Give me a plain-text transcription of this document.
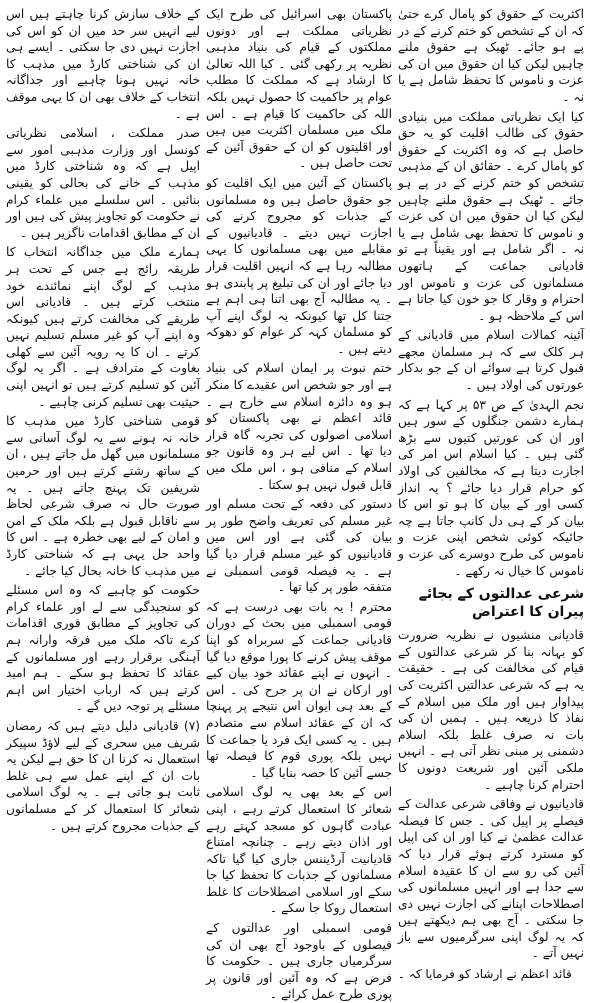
اکثریت کے حقوق کو پامال کرے حتیٰ کہ ان کے تشخص کو ختم کرنے کے در پے ہو جائے۔ ٹھیک ہے حقوق ملنے چاہیں لیکن کیا ان حقوق میں ان کی عزت و ناموس کا تحفظ شامل ہے یا نہ ۔

کیا ایک نظریاتی مملکت میں بنیادی حقوق کی طالب اقلیت کو یہ حق حاصل ہے کہ وہ اکثریت کے حقوق کو پامال کرے ۔ حقائق ان کے مذہبی تشخص کو ختم کرنے کے در پے ہو جائے ۔ ٹھیک ہے حقوق ملنے چاہیں لیکن کیا ان حقوق میں ان کی عزت و ناموس کا تحفظ بھی شامل ہے یا نہ ۔ اگر شامل ہے اور یقیناً ہے تو قادیانی جماعت کے ہاتھوں مسلمانوں کی عزت و ناموس اور احترام و وقار کا جو خون کیا جاتا ہے اس کے ملاحظہ ہو ۔

آئینہ کمالات اسلام میں قادیانی کے ہر کلک سے کہ ہر مسلمان مجھے قبول کرتا ہے سوائے ان کے جو بدکار عورتوں کی اولاد ہیں ۔

نجم الہدیٰ کے ص ۵۳ پر کہا ہے کہ ہمارے دشمن جنگلوں کے سور ہیں اور ان کی عورتیں کتیوں سے بڑھ گئی ہیں ۔ کیا اسلام اس امر کی اجازت دیتا ہے کہ مخالفین کی اولاد کو حرام قرار دیا جائے ؟ یہ انداز کسی اور کے بیان کا ہو تو اس کا بیان کر کے ہی دل کانپ جاتا ہے چہ جائیکہ کوئی شخص اپنی عزت و ناموس کی طرح دوسرے کی عزت و ناموس کا خیال نہ رکھے ۔

شرعی عدالتوں کے بجائے پیران کا اعتراض

قادیانی منشیوں نے نظریہ ضرورت کو بہانہ بنا کر شرعی عدالتوں کے قیام کی مخالفت کی ہے ۔ حقیقت یہ ہے کہ شرعی عدالتیں اکثریت کی پیداوار ہیں اور ملک میں اسلام کے نفاذ کا ذریعہ ہیں ۔ ہمیں ان کی بات نہ صرف غلط بلکہ اسلام دشمنی پر مبنی نظر آتی ہے ۔ انہیں ملکی آئین اور شریعت دونوں کا احترام کرنا چاہیے ۔

قادیانیوں نے وفاقی شرعی عدالت کے فیصلے پر اپیل کی ۔ جس کا فیصلہ عدالت عظمیٰ نے کیا اور ان کی اپیل کو مسترد کرتے ہوئے قرار دیا کہ آئین کی رو سے ان کا عقیدہ اسلام سے جدا ہے اور انہیں مسلمانوں کی اصطلاحات اپنانے کی اجازت نہیں دی جا سکتی ۔ آج بھی ہم دیکھتے ہیں کہ یہ لوگ اپنی سرگرمیوں سے باز نہیں آتے ۔

قائد اعظم نے ارشاد کو فرمایا کہ ۔

پاکستان بھی اسرائیل کی طرح ایک نظریاتی مملکت ہے اور دونوں مملکتوں کے قیام کی بنیاد مذہبی نظریہ پر رکھی گئی ۔ کیا اللہ تعالیٰ کا ارشاد ہے کہ مملکت کا مطلب عوام پر حاکمیت کا حصول نہیں بلکہ اللہ کی حاکمیت کا قیام ہے ۔ اس ملک میں مسلمان اکثریت میں ہیں اور اقلیتوں کو ان کے حقوق آئین کے تحت حاصل ہیں ۔

پاکستان کے آئین میں ایک اقلیت کو جو حقوق حاصل ہیں وہ مسلمانوں کے جذبات کو مجروح کرنے کی اجازت نہیں دیتے ۔ قادیانیوں کے مقابلے میں بھی مسلمانوں کا یہی مطالبہ رہا ہے کہ انہیں اقلیت قرار دیا جائے اور ان کی تبلیغ پر پابندی ہو ۔ یہ مطالبہ آج بھی اتنا ہی اہم ہے جتنا کل تھا کیونکہ یہ لوگ اپنے آپ کو مسلمان کہہ کر عوام کو دھوکہ دیتے ہیں ۔

ختم نبوت پر ایمان اسلام کی بنیاد ہے اور جو شخص اس عقیدے کا منکر ہو وہ دائرہ اسلام سے خارج ہے ۔ قائد اعظم نے بھی پاکستان کو اسلامی اصولوں کی تجربہ گاہ قرار دیا تھا ۔ اس لیے ہر وہ قانون جو اسلام کے منافی ہو ، اس ملک میں قابل قبول نہیں ہو سکتا ۔

دستور کی دفعہ کے تحت مسلم اور غیر مسلم کی تعریف واضح طور پر بیان کی گئی ہے اور اس میں قادیانیوں کو غیر مسلم قرار دیا گیا ہے ۔ یہ فیصلہ قومی اسمبلی نے متفقہ طور پر کیا تھا ۔

محترم ! یہ بات بھی درست ہے کہ قومی اسمبلی میں بحث کے دوران قادیانی جماعت کے سربراہ کو اپنا موقف پیش کرنے کا پورا موقع دیا گیا ۔ انہوں نے اپنے عقائد خود بیان کیے اور ارکان نے ان پر جرح کی ۔ اس کے بعد ہی ایوان اس نتیجے پر پہنچا کہ ان کے عقائد اسلام سے متصادم ہیں ۔ یہ کسی ایک فرد یا جماعت کا نہیں بلکہ پوری قوم کا فیصلہ تھا جسے آئین کا حصہ بنایا گیا ۔

اس کے بعد بھی یہ لوگ اسلامی شعائر کا استعمال کرتے رہے ، اپنی عبادت گاہوں کو مسجد کہتے رہے اور اذان دیتے رہے ۔ چنانچہ امتناع قادیانیت آرڈیننس جاری کیا گیا تاکہ مسلمانوں کے جذبات کا تحفظ کیا جا سکے اور اسلامی اصطلاحات کا غلط استعمال روکا جا سکے ۔

قومی اسمبلی اور عدالتوں کے فیصلوں کے باوجود آج بھی ان کی سرگرمیاں جاری ہیں ۔ حکومت کا فرض ہے کہ وہ آئین اور قانون پر پوری طرح عمل کرائے ۔

کے خلاف سازش کرنا چاہتے ہیں اس لیے انہیں سر حد میں ان کو اس کی اجازت نہیں دی جا سکتی ۔ ایسے ہی ان کی شناختی کارڈ میں مذہب کا خانہ نہیں ہونا چاہیے اور جداگانہ انتخاب کے خلاف بھی ان کا یہی موقف ہے ۔

صدر مملکت ، اسلامی نظریاتی کونسل اور وزارت مذہبی امور سے اپیل ہے کہ وہ شناختی کارڈ میں مذہب کے خانے کی بحالی کو یقینی بنائیں ۔ اس سلسلے میں علماء کرام نے حکومت کو تجاویز پیش کی ہیں اور ان کے مطابق اقدامات ناگزیر ہیں ۔

ہمارے ملک میں جداگانہ انتخاب کا طریقہ رائج ہے جس کے تحت ہر مذہب کے لوگ اپنے نمائندے خود منتخب کرتے ہیں ۔ قادیانی اس طریقے کی مخالفت کرتے ہیں کیونکہ وہ اپنے آپ کو غیر مسلم تسلیم نہیں کرتے ۔ ان کا یہ رویہ آئین سے کھلی بغاوت کے مترادف ہے ۔ اگر یہ لوگ آئین کو تسلیم کرتے ہیں تو انہیں اپنی حیثیت بھی تسلیم کرنی چاہیے ۔

قومی شناختی کارڈ میں مذہب کا خانہ نہ ہونے سے یہ لوگ آسانی سے مسلمانوں میں گھل مل جاتے ہیں ، ان کے ساتھ رشتے کرتے ہیں اور حرمین شریفین تک پہنچ جاتے ہیں ۔ یہ صورت حال نہ صرف شرعی لحاظ سے ناقابل قبول ہے بلکہ ملک کے امن و امان کے لیے بھی خطرہ ہے ۔ اس کا واحد حل یہی ہے کہ شناختی کارڈ میں مذہب کا خانہ بحال کیا جائے ۔

حکومت کو چاہیے کہ وہ اس مسئلے کو سنجیدگی سے لے اور علماء کرام کی تجاویز کے مطابق فوری اقدامات کرے تاکہ ملک میں فرقہ وارانہ ہم آہنگی برقرار رہے اور مسلمانوں کے عقائد کا تحفظ ہو سکے ۔ ہم امید کرتے ہیں کہ ارباب اختیار اس اہم مسئلے پر توجہ دیں گے ۔

(۷) قادیانی دلیل دیتے ہیں کہ رمضان شریف میں سحری کے لیے لاؤڈ سپیکر استعمال نہ کرنا ان کا حق ہے لیکن یہ بات ان کے اپنے عمل سے ہی غلط ثابت ہو جاتی ہے ۔ یہ لوگ اسلامی شعائر کا استعمال کر کے مسلمانوں کے جذبات مجروح کرتے ہیں ۔
